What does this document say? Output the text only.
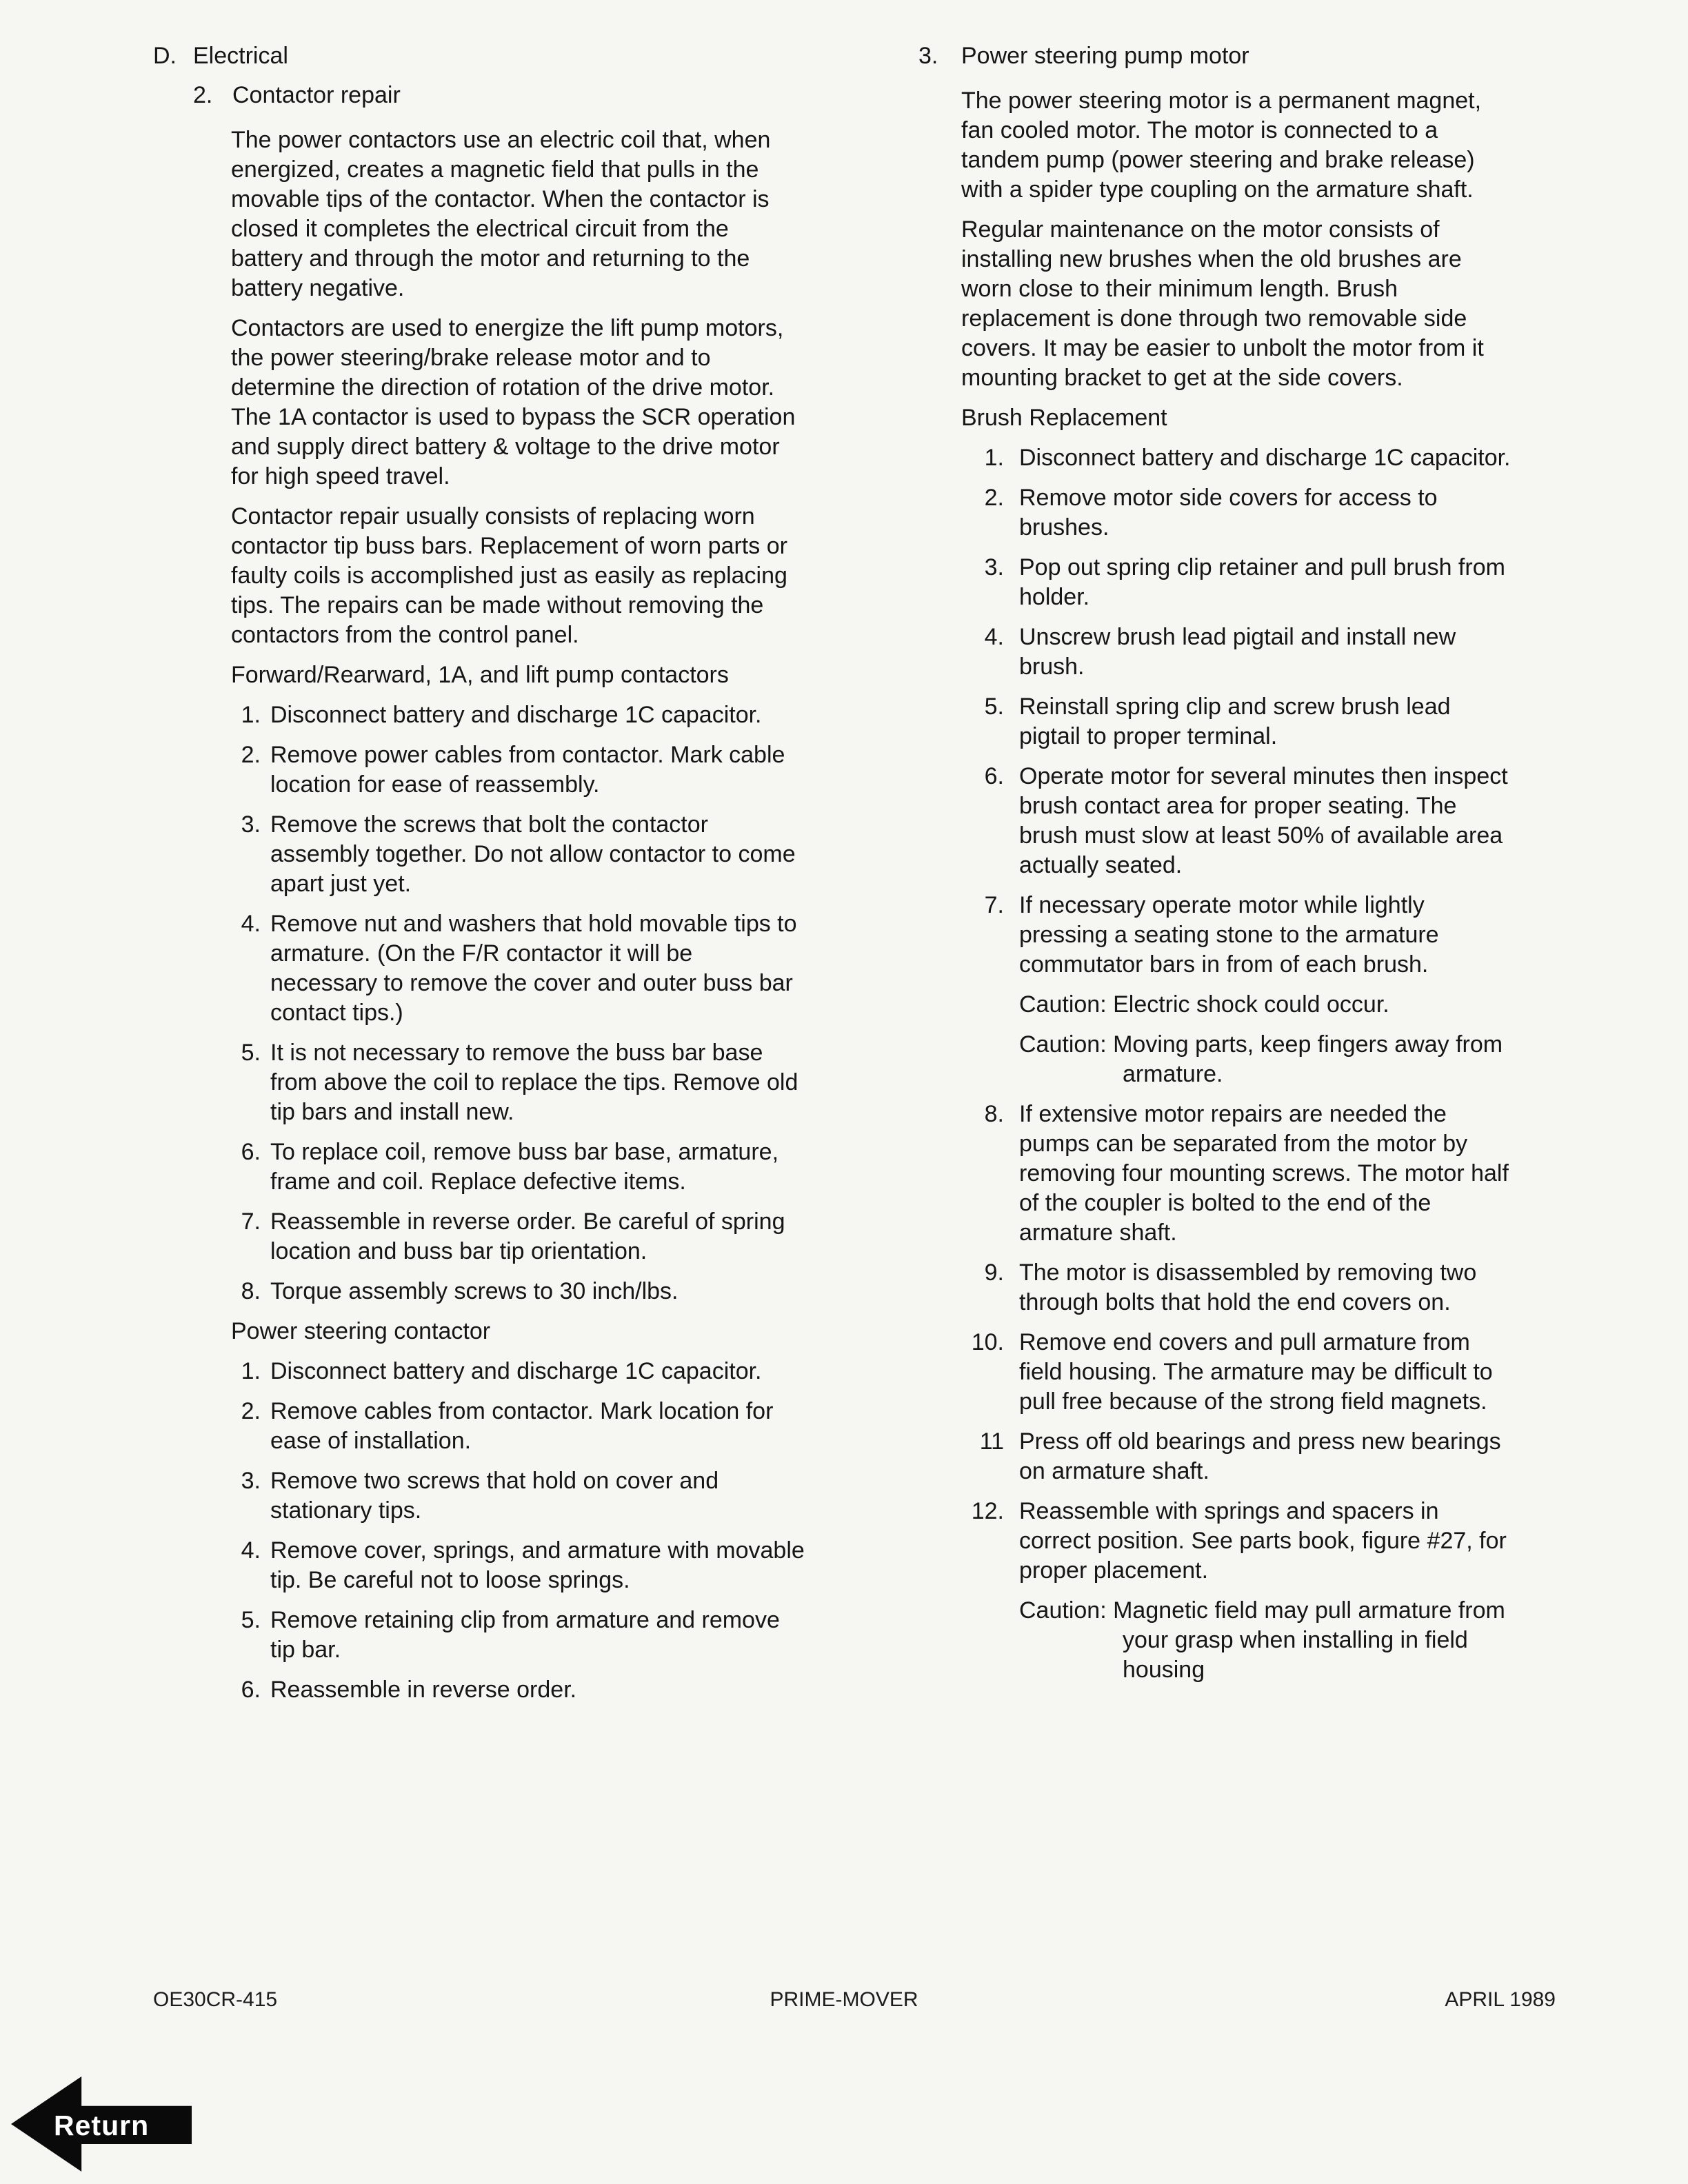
D. Electrical
2. Contactor repair
The power contactors use an electric coil that, when energized, creates a magnetic field that pulls in the movable tips of the contactor. When the contactor is closed it completes the electrical circuit from the battery and through the motor and returning to the battery negative.
Contactors are used to energize the lift pump motors, the power steering/brake release motor and to determine the direction of rotation of the drive motor. The 1A contactor is used to bypass the SCR operation and supply direct battery & voltage to the drive motor for high speed travel.
Contactor repair usually consists of replacing worn contactor tip buss bars. Replacement of worn parts or faulty coils is accomplished just as easily as replacing tips. The repairs can be made without removing the contactors from the control panel.
Forward/Rearward, 1A, and lift pump contactors
1. Disconnect battery and discharge 1C capacitor.
2. Remove power cables from contactor. Mark cable location for ease of reassembly.
3. Remove the screws that bolt the contactor assembly together. Do not allow contactor to come apart just yet.
4. Remove nut and washers that hold movable tips to armature. (On the F/R contactor it will be necessary to remove the cover and outer buss bar contact tips.)
5. It is not necessary to remove the buss bar base from above the coil to replace the tips. Remove old tip bars and install new.
6. To replace coil, remove buss bar base, armature, frame and coil. Replace defective items.
7. Reassemble in reverse order. Be careful of spring location and buss bar tip orientation.
8. Torque assembly screws to 30 inch/lbs.
Power steering contactor
1. Disconnect battery and discharge 1C capacitor.
2. Remove cables from contactor. Mark location for ease of installation.
3. Remove two screws that hold on cover and stationary tips.
4. Remove cover, springs, and armature with movable tip. Be careful not to loose springs.
5. Remove retaining clip from armature and remove tip bar.
6. Reassemble in reverse order.
3. Power steering pump motor
The power steering motor is a permanent magnet, fan cooled motor. The motor is connected to a tandem pump (power steering and brake release) with a spider type coupling on the armature shaft.
Regular maintenance on the motor consists of installing new brushes when the old brushes are worn close to their minimum length. Brush replacement is done through two removable side covers. It may be easier to unbolt the motor from it mounting bracket to get at the side covers.
Brush Replacement
1. Disconnect battery and discharge 1C capacitor.
2. Remove motor side covers for access to brushes.
3. Pop out spring clip retainer and pull brush from holder.
4. Unscrew brush lead pigtail and install new brush.
5. Reinstall spring clip and screw brush lead pigtail to proper terminal.
6. Operate motor for several minutes then inspect brush contact area for proper seating. The brush must slow at least 50% of available area actually seated.
7. If necessary operate motor while lightly pressing a seating stone to the armature commutator bars in from of each brush.
Caution: Electric shock could occur.
Caution: Moving parts, keep fingers away from armature.
8. If extensive motor repairs are needed the pumps can be separated from the motor by removing four mounting screws. The motor half of the coupler is bolted to the end of the armature shaft.
9. The motor is disassembled by removing two through bolts that hold the end covers on.
10. Remove end covers and pull armature from field housing. The armature may be difficult to pull free because of the strong field magnets.
11 Press off old bearings and press new bearings on armature shaft.
12. Reassemble with springs and spacers in correct position. See parts book, figure #27, for proper placement.
Caution: Magnetic field may pull armature from your grasp when installing in field housing
OE30CR-415	PRIME-MOVER	APRIL 1989
Return
